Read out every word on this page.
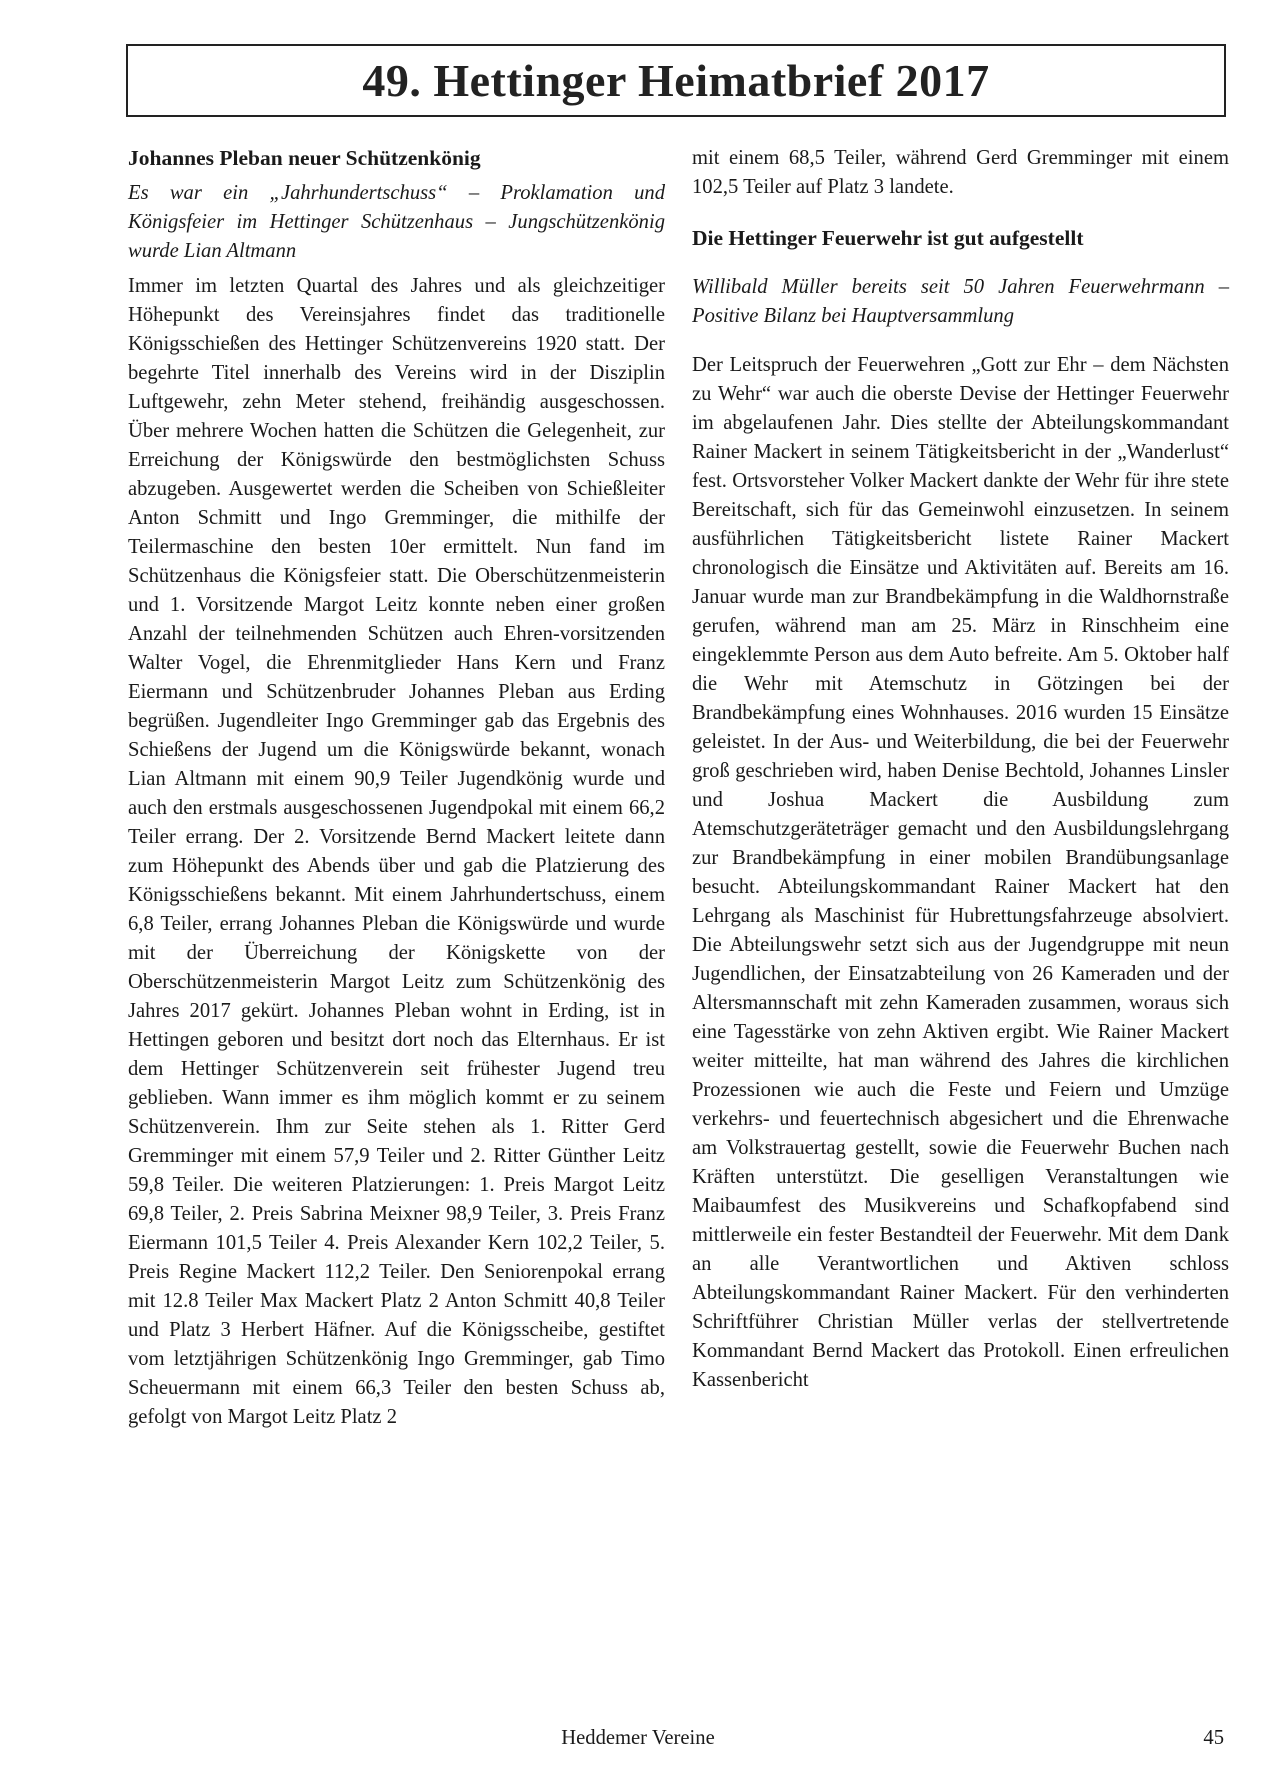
49. Hettinger Heimatbrief 2017
Johannes Pleban neuer Schützenkönig

Es war ein „Jahrhundertschuss“ – Proklamation und Königsfeier im Hettinger Schützenhaus – Jungschützenkönig wurde Lian Altmann

Immer im letzten Quartal des Jahres und als gleichzeitiger Höhepunkt des Vereinsjahres findet das traditionelle Königsschießen des Hettinger Schützenvereins 1920 statt. Der begehrte Titel innerhalb des Vereins wird in der Disziplin Luftgewehr, zehn Meter stehend, freihändig ausgeschossen. Über mehrere Wochen hatten die Schützen die Gelegenheit, zur Erreichung der Königswürde den bestmöglichsten Schuss abzugeben. Ausgewertet werden die Scheiben von Schießleiter Anton Schmitt und Ingo Gremminger, die mithilfe der Teilermaschine den besten 10er ermittelt. Nun fand im Schützenhaus die Königsfeier statt. Die Oberschützenmeisterin und 1. Vorsitzende Margot Leitz konnte neben einer großen Anzahl der teilnehmenden Schützen auch Ehren-vorsitzenden Walter Vogel, die Ehrenmitglieder Hans Kern und Franz Eiermann und Schützenbruder Johannes Pleban aus Erding begrüßen. Jugendleiter Ingo Gremminger gab das Ergebnis des Schießens der Jugend um die Königswürde bekannt, wonach Lian Altmann mit einem 90,9 Teiler Jugendkönig wurde und auch den erstmals ausgeschossenen Jugendpokal mit einem 66,2 Teiler errang. Der 2. Vorsitzende Bernd Mackert leitete dann zum Höhepunkt des Abends über und gab die Platzierung des Königsschießens bekannt. Mit einem Jahrhundertschuss, einem 6,8 Teiler, errang Johannes Pleban die Königswürde und wurde mit der Überreichung der Königskette von der Oberschützenmeisterin Margot Leitz zum Schützenkönig des Jahres 2017 gekürt. Johannes Pleban wohnt in Erding, ist in Hettingen geboren und besitzt dort noch das Elternhaus. Er ist dem Hettinger Schützenverein seit frühester Jugend treu geblieben. Wann immer es ihm möglich kommt er zu seinem Schützenverein. Ihm zur Seite stehen als 1. Ritter Gerd Gremminger mit einem 57,9 Teiler und 2. Ritter Günther Leitz 59,8 Teiler. Die weiteren Platzierungen: 1. Preis Margot Leitz 69,8 Teiler, 2. Preis Sabrina Meixner 98,9 Teiler, 3. Preis Franz Eiermann 101,5 Teiler 4. Preis Alexander Kern 102,2 Teiler, 5. Preis Regine Mackert 112,2 Teiler. Den Seniorenpokal errang mit 12.8 Teiler Max Mackert Platz 2 Anton Schmitt 40,8 Teiler und Platz 3 Herbert Häfner. Auf die Königsscheibe, gestiftet vom letztjährigen Schützenkönig Ingo Gremminger, gab Timo Scheuermann mit einem 66,3 Teiler den besten Schuss ab, gefolgt von Margot Leitz Platz 2

mit einem 68,5 Teiler, während Gerd Gremminger mit einem 102,5 Teiler auf Platz 3 landete.

Die Hettinger Feuerwehr ist gut aufgestellt

Willibald Müller bereits seit 50 Jahren Feuerwehrmann – Positive Bilanz bei Hauptversammlung

Der Leitspruch der Feuerwehren „Gott zur Ehr – dem Nächsten zu Wehr“ war auch die oberste Devise der Hettinger Feuerwehr im abgelaufenen Jahr. Dies stellte der Abteilungskommandant Rainer Mackert in seinem Tätigkeitsbericht in der „Wanderlust“ fest. Ortsvorsteher Volker Mackert dankte der Wehr für ihre stete Bereitschaft, sich für das Gemeinwohl einzusetzen. In seinem ausführlichen Tätigkeitsbericht listete Rainer Mackert chronologisch die Einsätze und Aktivitäten auf. Bereits am 16. Januar wurde man zur Brandbekämpfung in die Waldhornstraße gerufen, während man am 25. März in Rinschheim eine eingeklemmte Person aus dem Auto befreite. Am 5. Oktober half die Wehr mit Atemschutz in Götzingen bei der Brandbekämpfung eines Wohnhauses. 2016 wurden 15 Einsätze geleistet. In der Aus- und Weiterbildung, die bei der Feuerwehr groß geschrieben wird, haben Denise Bechtold, Johannes Linsler und Joshua Mackert die Ausbildung zum Atemschutzgeräteträger gemacht und den Ausbildungslehrgang zur Brandbekämpfung in einer mobilen Brandübungsanlage besucht. Abteilungskommandant Rainer Mackert hat den Lehrgang als Maschinist für Hubrettungsfahrzeuge absolviert. Die Abteilungswehr setzt sich aus der Jugendgruppe mit neun Jugendlichen, der Einsatzabteilung von 26 Kameraden und der Altersmannschaft mit zehn Kameraden zusammen, woraus sich eine Tagesstärke von zehn Aktiven ergibt. Wie Rainer Mackert weiter mitteilte, hat man während des Jahres die kirchlichen Prozessionen wie auch die Feste und Feiern und Umzüge verkehrs- und feuertechnisch abgesichert und die Ehrenwache am Volkstrauertag gestellt, sowie die Feuerwehr Buchen nach Kräften unterstützt. Die geselligen Veranstaltungen wie Maibaumfest des Musikvereins und Schafkopfabend sind mittlerweile ein fester Bestandteil der Feuerwehr. Mit dem Dank an alle Verantwortlichen und Aktiven schloss Abteilungskommandant Rainer Mackert. Für den verhinderten Schriftführer Christian Müller verlas der stellvertretende Kommandant Bernd Mackert das Protokoll. Einen erfreulichen Kassenbericht

Heddemer Vereine	45
